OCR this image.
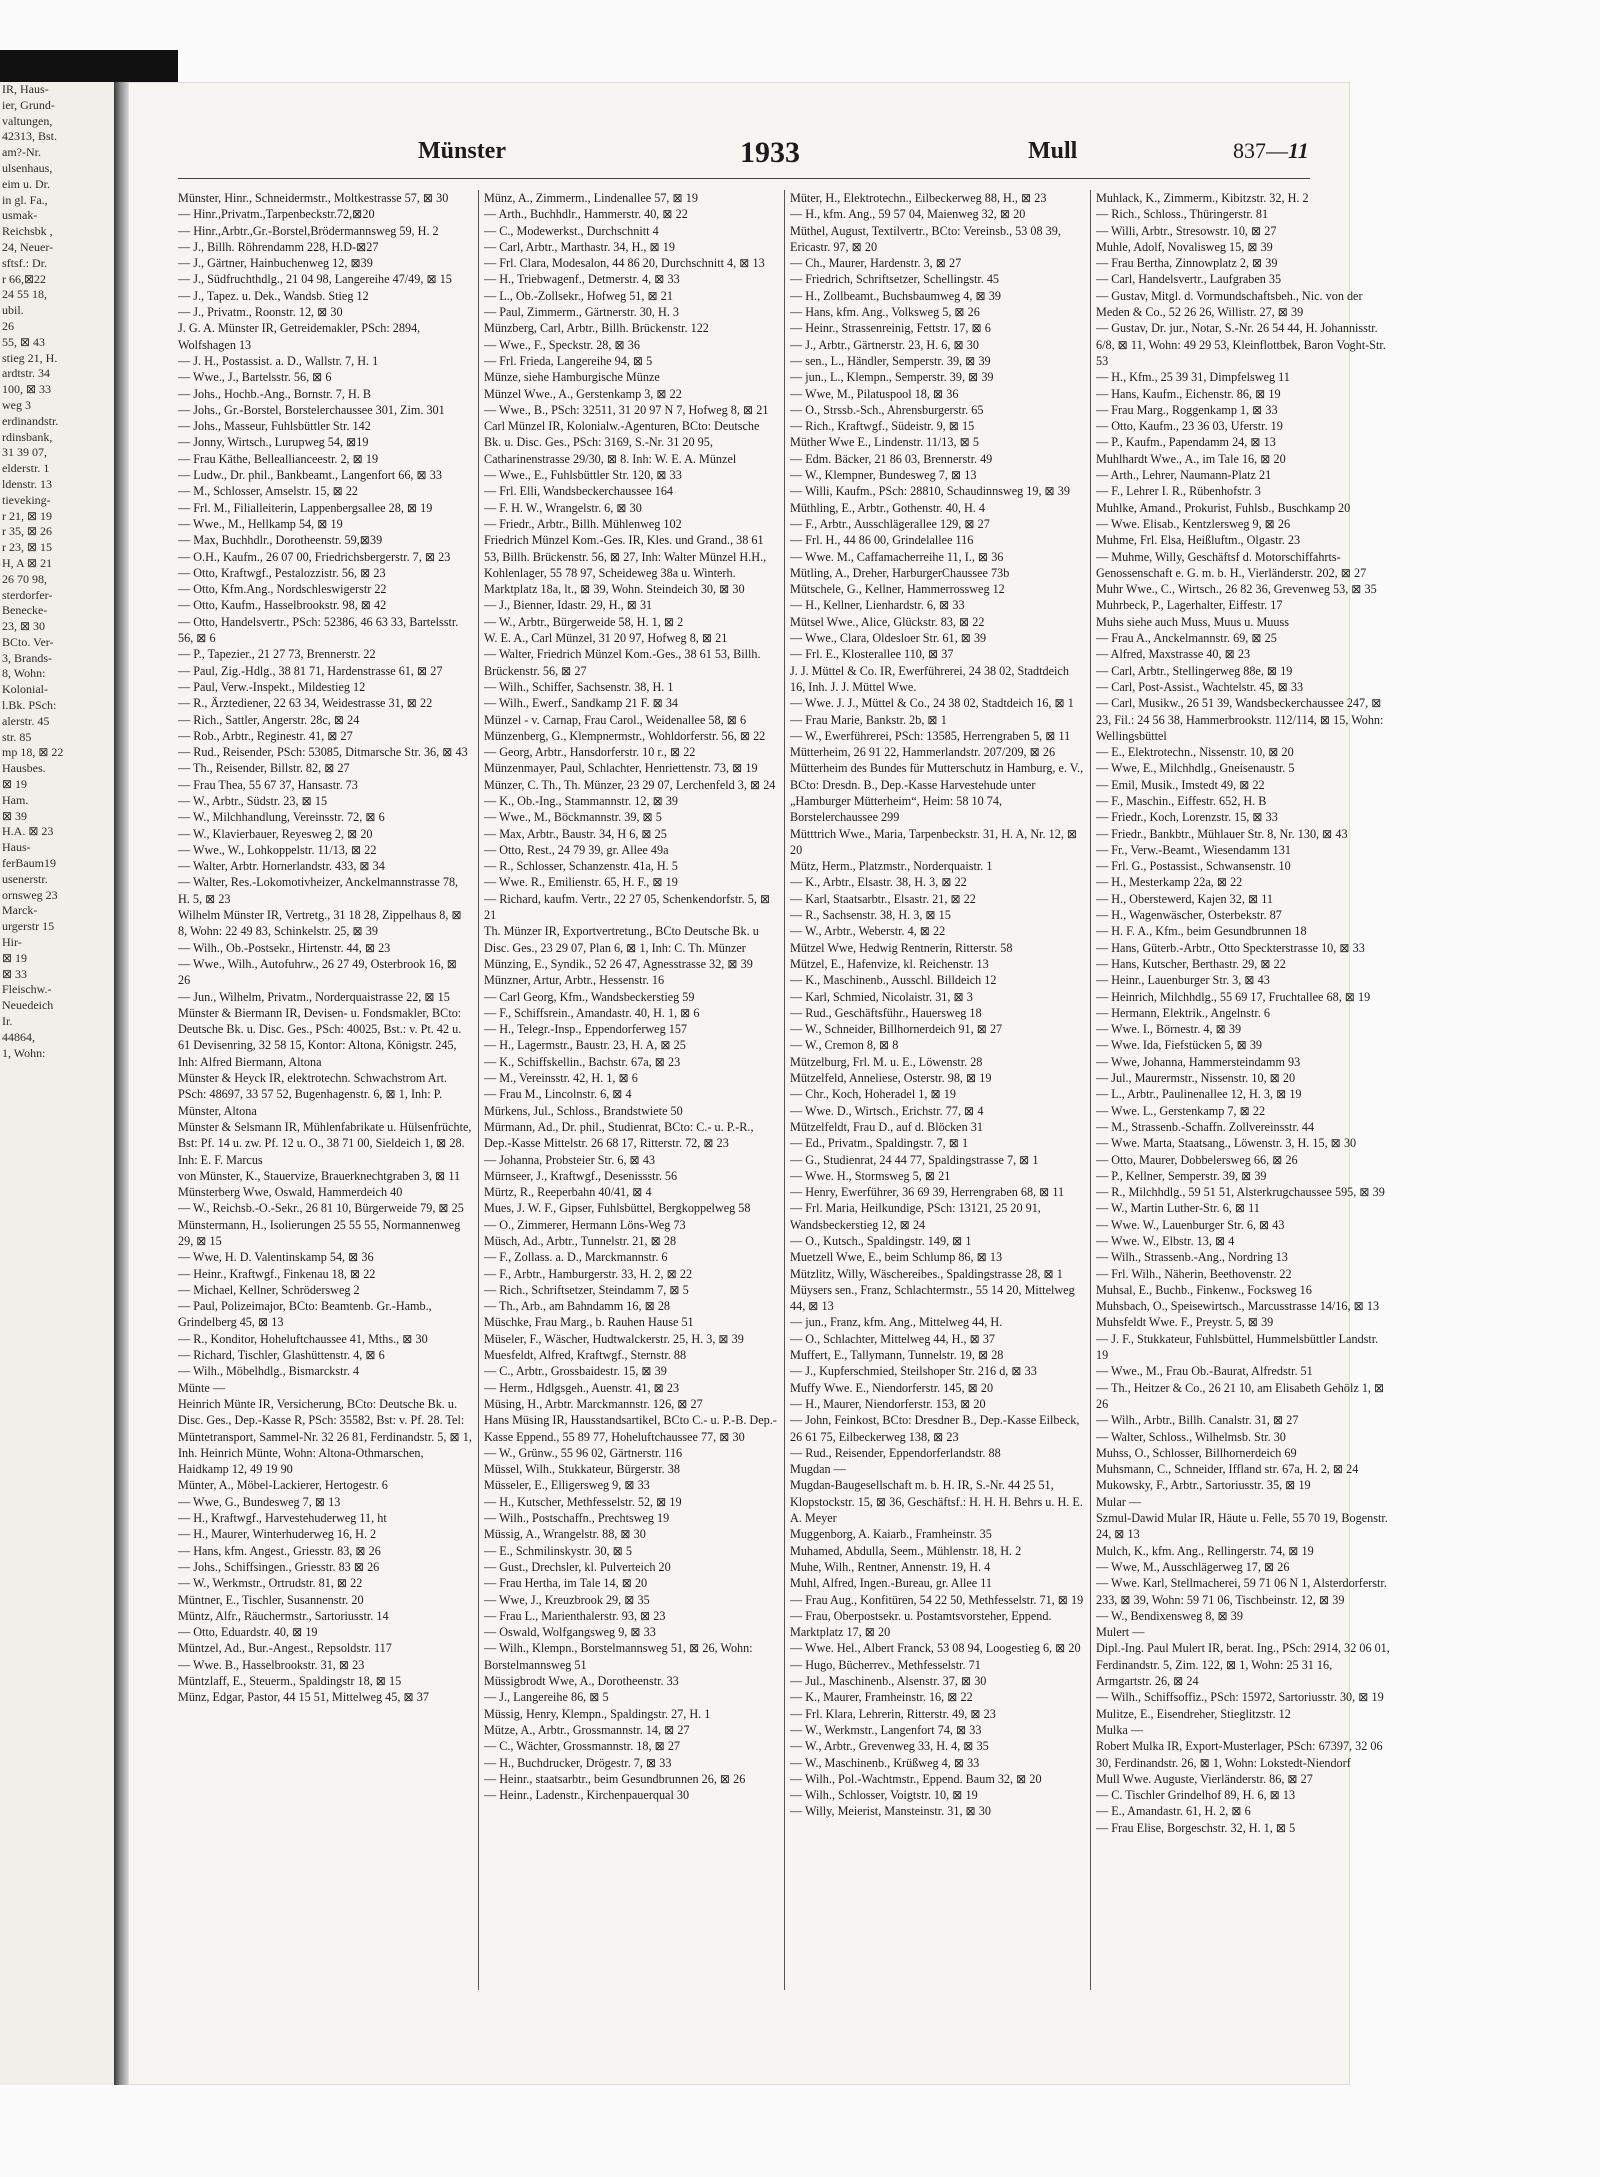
IR, Haus-
ier, Grund-
valtungen,
42313, Bst.
am?-Nr.
ulsenhaus,
eim u. Dr.
in gl. Fa.,
usmak-
Reichsbk ,
24, Neuer-
sftsf.: Dr.
r 66,⊠22
24 55 18,
ubil.
26
55, ⊠ 43
stieg 21, H.
ardtstr. 34
100, ⊠ 33
weg 3
erdinandstr.
rdinsbank,
31 39 07,
elderstr. 1
ldenstr. 13
tieveking-
r 21, ⊠ 19
r 35, ⊠ 26
r 23, ⊠ 15
H, A ⊠ 21
26 70 98,
sterdorfer-
Benecke-
23, ⊠ 30
BCto. Ver-
3, Brands-
8, Wohn:
Kolonial-
l.Bk. PSch:
alerstr. 45
str. 85
mp 18, ⊠ 22
Hausbes.
⊠ 19
Ham.
⊠ 39
H.A. ⊠ 23
Haus-
ferBaum19
usenerstr.
ornsweg 23
Marck-
urgerstr 15
Hir-
⊠ 19
⊠ 33
Fleischw.-
Neuedeich
Ir.
44864,
1, Wohn:
Münster	1933	Mull	837—11
Münster, Hinr., Schneidermstr., Moltkestrasse 57, ⊠ 30
— Hinr.,Privatm.,Tarpenbeckstr.72,⊠20
— Hinr.,Arbtr.,Gr.-Borstel,Brödermannsweg 59, H. 2
— J., Billh. Röhrendamm 228, H.D-⊠27
— J., Gärtner, Hainbuchenweg 12, ⊠39
— J., Südfruchthdlg., 21 04 98, Langereihe 47/49, ⊠ 15
— J., Tapez. u. Dek., Wandsb. Stieg 12
— J., Privatm., Roonstr. 12, ⊠ 30
J. G. A. Münster IR, Getreidemakler, PSch: 2894, Wolfshagen 13
— J. H., Postassist. a. D., Wallstr. 7, H. 1
— Wwe., J., Bartelsstr. 56, ⊠ 6
— Johs., Hochb.-Ang., Bornstr. 7, H. B
— Johs., Gr.-Borstel, Borstelerchaussee 301, Zim. 301
— Johs., Masseur, Fuhlsbüttler Str. 142
— Jonny, Wirtsch., Lurupweg 54, ⊠19
— Frau Käthe, Belleallianceestr. 2, ⊠ 19
— Ludw., Dr. phil., Bankbeamt., Langenfort 66, ⊠ 33
— M., Schlosser, Amselstr. 15, ⊠ 22
— Frl. M., Filialleiterin, Lappenbergsallee 28, ⊠ 19
— Wwe., M., Hellkamp 54, ⊠ 19
— Max, Buchhdlr., Dorotheenstr. 59,⊠39
— O.H., Kaufm., 26 07 00, Friedrichsbergerstr. 7, ⊠ 23
— Otto, Kraftwgf., Pestalozzistr. 56, ⊠ 23
— Otto, Kfm.Ang., Nordschleswigerstr 22
— Otto, Kaufm., Hasselbrookstr. 98, ⊠ 42
— Otto, Handelsvertr., PSch: 52386, 46 63 33, Bartelsstr. 56, ⊠ 6
— P., Tapezier., 21 27 73, Brennerstr. 22
— Paul, Zig.-Hdlg., 38 81 71, Hardenstrasse 61, ⊠ 27
— Paul, Verw.-Inspekt., Mildestieg 12
— R., Ärztediener, 22 63 34, Weidestrasse 31, ⊠ 22
— Rich., Sattler, Angerstr. 28c, ⊠ 24
— Rob., Arbtr., Reginestr. 41, ⊠ 27
— Rud., Reisender, PSch: 53085, Ditmarsche Str. 36, ⊠ 43
— Th., Reisender, Billstr. 82, ⊠ 27
— Frau Thea, 55 67 37, Hansastr. 73
— W., Arbtr., Südstr. 23, ⊠ 15
— W., Milchhandlung, Vereinsstr. 72, ⊠ 6
— W., Klavierbauer, Reyesweg 2, ⊠ 20
— Wwe., W., Lohkoppelstr. 11/13, ⊠ 22
— Walter, Arbtr. Hornerlandstr. 433, ⊠ 34
— Walter, Res.-Lokomotivheizer, Anckelmannstrasse 78, H. 5, ⊠ 23
Wilhelm Münster IR, Vertretg., 31 18 28, Zippelhaus 8, ⊠ 8, Wohn: 22 49 83, Schinkelstr. 25, ⊠ 39
— Wilh., Ob.-Postsekr., Hirtenstr. 44, ⊠ 23
— Wwe., Wilh., Autofuhrw., 26 27 49, Osterbrook 16, ⊠ 26
— Jun., Wilhelm, Privatm., Norderquaistrasse 22, ⊠ 15
Münster & Biermann IR, Devisen- u. Fondsmakler, BCto: Deutsche Bk. u. Disc. Ges., PSch: 40025, Bst.: v. Pt. 42 u. 61 Devisenring, 32 58 15, Kontor: Altona, Königstr. 245, Inh: Alfred Biermann, Altona
Münster & Heyck IR, elektrotechn. Schwachstrom Art. PSch: 48697, 33 57 52, Bugenhagenstr. 6, ⊠ 1, Inh: P. Münster, Altona
Münster & Selsmann IR, Mühlenfabrikate u. Hülsenfrüchte, Bst: Pf. 14 u. zw. Pf. 12 u. O., 38 71 00, Sieldeich 1, ⊠ 28. Inh: E. F. Marcus
von Münster, K., Stauervize, Brauerknechtgraben 3, ⊠ 11
Münsterberg Wwe, Oswald, Hammerdeich 40
— W., Reichsb.-O.-Sekr., 26 81 10, Bürgerweide 79, ⊠ 25
Münstermann, H., Isolierungen 25 55 55, Normannenweg 29, ⊠ 15
— Wwe, H. D. Valentinskamp 54, ⊠ 36
— Heinr., Kraftwgf., Finkenau 18, ⊠ 22
— Michael, Kellner, Schrödersweg 2
— Paul, Polizeimajor, BCto: Beamtenb. Gr.-Hamb., Grindelberg 45, ⊠ 13
— R., Konditor, Hoheluftchaussee 41, Mths., ⊠ 30
— Richard, Tischler, Glashüttenstr. 4, ⊠ 6
— Wilh., Möbelhdlg., Bismarckstr. 4
Münte —
Heinrich Münte IR, Versicherung, BCto: Deutsche Bk. u. Disc. Ges., Dep.-Kasse R, PSch: 35582, Bst: v. Pf. 28. Tel: Müntetransport, Sammel-Nr. 32 26 81, Ferdinandstr. 5, ⊠ 1, Inh. Heinrich Münte, Wohn: Altona-Othmarschen, Haidkamp 12, 49 19 90
Münter, A., Möbel-Lackierer, Hertogestr. 6
— Wwe, G., Bundesweg 7, ⊠ 13
— H., Kraftwgf., Harvestehuderweg 11, ht
— H., Maurer, Winterhuderweg 16, H. 2
— Hans, kfm. Angest., Griesstr. 83, ⊠ 26
— Johs., Schiffsingen., Griesstr. 83 ⊠ 26
— W., Werkmstr., Ortrudstr. 81, ⊠ 22
Müntner, E., Tischler, Susannenstr. 20
Müntz, Alfr., Räuchermstr., Sartoriusstr. 14
— Otto, Eduardstr. 40, ⊠ 19
Müntzel, Ad., Bur.-Angest., Repsoldstr. 117
— Wwe. B., Hasselbrookstr. 31, ⊠ 23
Müntzlaff, E., Steuerm., Spaldingstr 18, ⊠ 15
Münz, Edgar, Pastor, 44 15 51, Mittelweg 45, ⊠ 37
Münz, A., Zimmerm., Lindenallee 57, ⊠ 19
— Arth., Buchhdlr., Hammerstr. 40, ⊠ 22
— C., Modewerkst., Durchschnitt 4
— Carl, Arbtr., Marthastr. 34, H., ⊠ 19
— Frl. Clara, Modesalon, 44 86 20, Durchschnitt 4, ⊠ 13
— H., Triebwagenf., Detmerstr. 4, ⊠ 33
— L., Ob.-Zollsekr., Hofweg 51, ⊠ 21
— Paul, Zimmerm., Gärtnerstr. 30, H. 3
Münzberg, Carl, Arbtr., Billh. Brückenstr. 122
— Wwe., F., Speckstr. 28, ⊠ 36
— Frl. Frieda, Langereihe 94, ⊠ 5
Münze, siehe Hamburgische Münze
Münzel Wwe., A., Gerstenkamp 3, ⊠ 22
— Wwe., B., PSch: 32511, 31 20 97 N 7, Hofweg 8, ⊠ 21
Carl Münzel IR, Kolonialw.-Agenturen, BCto: Deutsche Bk. u. Disc. Ges., PSch: 3169, S.-Nr. 31 20 95, Catharinenstrasse 29/30, ⊠ 8. Inh: W. E. A. Münzel
— Wwe., E., Fuhlsbüttler Str. 120, ⊠ 33
— Frl. Elli, Wandsbeckerchaussee 164
— F. H. W., Wrangelstr. 6, ⊠ 30
— Friedr., Arbtr., Billh. Mühlenweg 102
Friedrich Münzel Kom.-Ges. IR, Kles. und Grand., 38 61 53, Billh. Brückenstr. 56, ⊠ 27, Inh: Walter Münzel H.H., Kohlenlager, 55 78 97, Scheideweg 38a u. Winterh. Marktplatz 18a, lt., ⊠ 39, Wohn. Steindeich 30, ⊠ 30
— J., Bienner, Idastr. 29, H., ⊠ 31
— W., Arbtr., Bürgerweide 58, H. 1, ⊠ 2
W. E. A., Carl Münzel, 31 20 97, Hofweg 8, ⊠ 21
— Walter, Friedrich Münzel Kom.-Ges., 38 61 53, Billh. Brückenstr. 56, ⊠ 27
— Wilh., Schiffer, Sachsenstr. 38, H. 1
— Wilh., Ewerf., Sandkamp 21 F. ⊠ 34
Münzel - v. Carnap, Frau Carol., Weidenallee 58, ⊠ 6
Münzenberg, G., Klempnermstr., Wohldorferstr. 56, ⊠ 22
— Georg, Arbtr., Hansdorferstr. 10 r., ⊠ 22
Münzenmayer, Paul, Schlachter, Henriettenstr. 73, ⊠ 19
Münzer, C. Th., Th. Münzer, 23 29 07, Lerchenfeld 3, ⊠ 24
— K., Ob.-Ing., Stammannstr. 12, ⊠ 39
— Wwe., M., Böckmannstr. 39, ⊠ 5
— Max, Arbtr., Baustr. 34, H 6, ⊠ 25
— Otto, Rest., 24 79 39, gr. Allee 49a
— R., Schlosser, Schanzenstr. 41a, H. 5
— Wwe. R., Emilienstr. 65, H. F., ⊠ 19
— Richard, kaufm. Vertr., 22 27 05, Schenkendorfstr. 5, ⊠ 21
Th. Münzer IR, Exportvertretung., BCto Deutsche Bk. u Disc. Ges., 23 29 07, Plan 6, ⊠ 1, Inh: C. Th. Münzer
Münzing, E., Syndik., 52 26 47, Agnesstrasse 32, ⊠ 39
Münzner, Artur, Arbtr., Hessenstr. 16
— Carl Georg, Kfm., Wandsbeckerstieg 59
— F., Schiffsrein., Amandastr. 40, H. 1, ⊠ 6
— H., Telegr.-Insp., Eppendorferweg 157
— H., Lagermstr., Baustr. 23, H. A, ⊠ 25
— K., Schiffskellin., Bachstr. 67a, ⊠ 23
— M., Vereinsstr. 42, H. 1, ⊠ 6
— Frau M., Lincolnstr. 6, ⊠ 4
Mürkens, Jul., Schloss., Brandstwiete 50
Mürmann, Ad., Dr. phil., Studienrat, BCto: C.- u. P.-R., Dep.-Kasse Mittelstr. 26 68 17, Ritterstr. 72, ⊠ 23
— Johanna, Probsteier Str. 6, ⊠ 43
Mürnseer, J., Kraftwgf., Desenissstr. 56
Mürtz, R., Reeperbahn 40/41, ⊠ 4
Mues, J. W. F., Gipser, Fuhlsbüttel, Bergkoppelweg 58
— O., Zimmerer, Hermann Löns-Weg 73
Müsch, Ad., Arbtr., Tunnelstr. 21, ⊠ 28
— F., Zollass. a. D., Marckmannstr. 6
— F., Arbtr., Hamburgerstr. 33, H. 2, ⊠ 22
— Rich., Schriftsetzer, Steindamm 7, ⊠ 5
— Th., Arb., am Bahndamm 16, ⊠ 28
Müschke, Frau Marg., b. Rauhen Hause 51
Müseler, F., Wäscher, Hudtwalckerstr. 25, H. 3, ⊠ 39
Muesfeldt, Alfred, Kraftwgf., Sternstr. 88
— C., Arbtr., Grossbaidestr. 15, ⊠ 39
— Herm., Hdlgsgeh., Auenstr. 41, ⊠ 23
Müsing, H., Arbtr. Marckmannstr. 126, ⊠ 27
Hans Müsing IR, Hausstandsartikel, BCto C.- u. P.-B. Dep.-Kasse Eppend., 55 89 77, Hoheluftchaussee 77, ⊠ 30
— W., Grünw., 55 96 02, Gärtnerstr. 116
Müssel, Wilh., Stukkateur, Bürgerstr. 38
Müsseler, E., Elligersweg 9, ⊠ 33
— H., Kutscher, Methfesselstr. 52, ⊠ 19
— Wilh., Postschaffn., Prechtsweg 19
Müssig, A., Wrangelstr. 88, ⊠ 30
— E., Schmilinskystr. 30, ⊠ 5
— Gust., Drechsler, kl. Pulverteich 20
— Frau Hertha, im Tale 14, ⊠ 20
— Wwe, J., Kreuzbrook 29, ⊠ 35
— Frau L., Marienthalerstr. 93, ⊠ 23
— Oswald, Wolfgangsweg 9, ⊠ 33
— Wilh., Klempn., Borstelmannsweg 51, ⊠ 26, Wohn: Borstelmannsweg 51
Müssigbrodt Wwe, A., Dorotheenstr. 33
— J., Langereihe 86, ⊠ 5
Müssig, Henry, Klempn., Spaldingstr. 27, H. 1
Mütze, A., Arbtr., Grossmannstr. 14, ⊠ 27
— C., Wächter, Grossmannstr. 18, ⊠ 27
— H., Buchdrucker, Drögestr. 7, ⊠ 33
— Heinr., staatsarbtr., beim Gesundbrunnen 26, ⊠ 26
— Heinr., Ladenstr., Kirchenpauerqual 30
Müter, H., Elektrotechn., Eilbeckerweg 88, H., ⊠ 23
— H., kfm. Ang., 59 57 04, Maienweg 32, ⊠ 20
Müthel, August, Textilvertr., BCto: Vereinsb., 53 08 39, Ericastr. 97, ⊠ 20
— Ch., Maurer, Hardenstr. 3, ⊠ 27
— Friedrich, Schriftsetzer, Schellingstr. 45
— H., Zollbeamt., Buchsbaumweg 4, ⊠ 39
— Hans, kfm. Ang., Volksweg 5, ⊠ 26
— Heinr., Strassenreinig, Fettstr. 17, ⊠ 6
— J., Arbtr., Gärtnerstr. 23, H. 6, ⊠ 30
— sen., L., Händler, Semperstr. 39, ⊠ 39
— jun., L., Klempn., Semperstr. 39, ⊠ 39
— Wwe, M., Pilatuspool 18, ⊠ 36
— O., Strssb.-Sch., Ahrensburgerstr. 65
— Rich., Kraftwgf., Südeistr. 9, ⊠ 15
Müther Wwe E., Lindenstr. 11/13, ⊠ 5
— Edm. Bäcker, 21 86 03, Brennerstr. 49
— W., Klempner, Bundesweg 7, ⊠ 13
— Willi, Kaufm., PSch: 28810, Schaudinnsweg 19, ⊠ 39
Müthling, E., Arbtr., Gothenstr. 40, H. 4
— F., Arbtr., Ausschlägerallee 129, ⊠ 27
— Frl. H., 44 86 00, Grindelallee 116
— Wwe. M., Caffamacherreihe 11, I., ⊠ 36
Mütling, A., Dreher, HarburgerChaussee 73b
Mütschele, G., Kellner, Hammerrossweg 12
— H., Kellner, Lienhardstr. 6, ⊠ 33
Mütsel Wwe., Alice, Glückstr. 83, ⊠ 22
— Wwe., Clara, Oldesloer Str. 61, ⊠ 39
— Frl. E., Klosterallee 110, ⊠ 37
J. J. Müttel & Co. IR, Ewerführerei, 24 38 02, Stadtdeich 16, Inh. J. J. Müttel Wwe.
— Wwe. J. J., Müttel & Co., 24 38 02, Stadtdeich 16, ⊠ 1
— Frau Marie, Bankstr. 2b, ⊠ 1
— W., Ewerführerei, PSch: 13585, Herrengraben 5, ⊠ 11
Mütterheim, 26 91 22, Hammerlandstr. 207/209, ⊠ 26
Mütterheim des Bundes für Mutterschutz in Hamburg, e. V., BCto: Dresdn. B., Dep.-Kasse Harvestehude unter „Hamburger Mütterheim“, Heim: 58 10 74, Borstelerchaussee 299
Mütttrich Wwe., Maria, Tarpenbeckstr. 31, H. A, Nr. 12, ⊠ 20
Mütz, Herm., Platzmstr., Norderquaistr. 1
— K., Arbtr., Elsastr. 38, H. 3, ⊠ 22
— Karl, Staatsarbtr., Elsastr. 21, ⊠ 22
— R., Sachsenstr. 38, H. 3, ⊠ 15
— W., Arbtr., Weberstr. 4, ⊠ 22
Mützel Wwe, Hedwig Rentnerin, Ritterstr. 58
Mützel, E., Hafenvize, kl. Reichenstr. 13
— K., Maschinenb., Ausschl. Billdeich 12
— Karl, Schmied, Nicolaistr. 31, ⊠ 3
— Rud., Geschäftsführ., Hauersweg 18
— W., Schneider, Billhornerdeich 91, ⊠ 27
— W., Cremon 8, ⊠ 8
Mützelburg, Frl. M. u. E., Löwenstr. 28
Mützelfeld, Anneliese, Osterstr. 98, ⊠ 19
— Chr., Koch, Hoheradel 1, ⊠ 19
— Wwe. D., Wirtsch., Erichstr. 77, ⊠ 4
Mützelfeldt, Frau D., auf d. Blöcken 31
— Ed., Privatm., Spaldingstr. 7, ⊠ 1
— G., Studienrat, 24 44 77, Spaldingstrasse 7, ⊠ 1
— Wwe. H., Stormsweg 5, ⊠ 21
— Henry, Ewerführer, 36 69 39, Herrengraben 68, ⊠ 11
— Frl. Maria, Heilkundige, PSch: 13121, 25 20 91, Wandsbeckerstieg 12, ⊠ 24
— O., Kutsch., Spaldingstr. 149, ⊠ 1
Muetzell Wwe, E., beim Schlump 86, ⊠ 13
Mützlitz, Willy, Wäschereibes., Spaldingstrasse 28, ⊠ 1
Müysers sen., Franz, Schlachtermstr., 55 14 20, Mittelweg 44, ⊠ 13
— jun., Franz, kfm. Ang., Mittelweg 44, H.
— O., Schlachter, Mittelweg 44, H., ⊠ 37
Muffert, E., Tallymann, Tunnelstr. 19, ⊠ 28
— J., Kupferschmied, Steilshoper Str. 216 d, ⊠ 33
Muffy Wwe. E., Niendorferstr. 145, ⊠ 20
— H., Maurer, Niendorferstr. 153, ⊠ 20
— John, Feinkost, BCto: Dresdner B., Dep.-Kasse Eilbeck, 26 61 75, Eilbeckerweg 138, ⊠ 23
— Rud., Reisender, Eppendorferlandstr. 88
Mugdan —
Mugdan-Baugesellschaft m. b. H. IR, S.-Nr. 44 25 51, Klopstockstr. 15, ⊠ 36, Geschäftsf.: H. H. H. Behrs u. H. E. A. Meyer
Muggenborg, A. Kaiarb., Framheinstr. 35
Muhamed, Abdulla, Seem., Mühlenstr. 18, H. 2
Muhe, Wilh., Rentner, Annenstr. 19, H. 4
Muhl, Alfred, Ingen.-Bureau, gr. Allee 11
— Frau Aug., Konfitüren, 54 22 50, Methfesselstr. 71, ⊠ 19
— Frau, Oberpostsekr. u. Postamtsvorsteher, Eppend. Marktplatz 17, ⊠ 20
— Wwe. Hel., Albert Franck, 53 08 94, Loogestieg 6, ⊠ 20
— Hugo, Bücherrev., Methfesselstr. 71
— Jul., Maschinenb., Alsenstr. 37, ⊠ 30
— K., Maurer, Framheinstr. 16, ⊠ 22
— Frl. Klara, Lehrerin, Ritterstr. 49, ⊠ 23
— W., Werkmstr., Langenfort 74, ⊠ 33
— W., Arbtr., Grevenweg 33, H. 4, ⊠ 35
— W., Maschinenb., Krüßweg 4, ⊠ 33
— Wilh., Pol.-Wachtmstr., Eppend. Baum 32, ⊠ 20
— Wilh., Schlosser, Voigtstr. 10, ⊠ 19
— Willy, Meierist, Mansteinstr. 31, ⊠ 30
Muhlack, K., Zimmerm., Kibitzstr. 32, H. 2
— Rich., Schloss., Thüringerstr. 81
— Willi, Arbtr., Stresowstr. 10, ⊠ 27
Muhle, Adolf, Novalisweg 15, ⊠ 39
— Frau Bertha, Zinnowplatz 2, ⊠ 39
— Carl, Handelsvertr., Laufgraben 35
— Gustav, Mitgl. d. Vormundschaftsbeh., Nic. von der Meden & Co., 52 26 26, Willistr. 27, ⊠ 39
— Gustav, Dr. jur., Notar, S.-Nr. 26 54 44, H. Johannisstr. 6/8, ⊠ 11, Wohn: 49 29 53, Kleinflottbek, Baron Voght-Str. 53
— H., Kfm., 25 39 31, Dimpfelsweg 11
— Hans, Kaufm., Eichenstr. 86, ⊠ 19
— Frau Marg., Roggenkamp 1, ⊠ 33
— Otto, Kaufm., 23 36 03, Uferstr. 19
— P., Kaufm., Papendamm 24, ⊠ 13
Muhlhardt Wwe., A., im Tale 16, ⊠ 20
— Arth., Lehrer, Naumann-Platz 21
— F., Lehrer I. R., Rübenhofstr. 3
Muhlke, Amand., Prokurist, Fuhlsb., Buschkamp 20
— Wwe. Elisab., Kentzlersweg 9, ⊠ 26
Muhme, Frl. Elsa, Heißluftm., Olgastr. 23
— Muhme, Willy, Geschäftsf d. Motorschiffahrts-Genossenschaft e. G. m. b. H., Vierländerstr. 202, ⊠ 27
Muhr Wwe., C., Wirtsch., 26 82 36, Grevenweg 53, ⊠ 35
Muhrbeck, P., Lagerhalter, Eiffestr. 17
Muhs siehe auch Muss, Muus u. Muuss
— Frau A., Anckelmannstr. 69, ⊠ 25
— Alfred, Maxstrasse 40, ⊠ 23
— Carl, Arbtr., Stellingerweg 88e, ⊠ 19
— Carl, Post-Assist., Wachtelstr. 45, ⊠ 33
— Carl, Musikw., 26 51 39, Wandsbeckerchaussee 247, ⊠ 23, Fil.: 24 56 38, Hammerbrookstr. 112/114, ⊠ 15, Wohn: Wellingsbüttel
— E., Elektrotechn., Nissenstr. 10, ⊠ 20
— Wwe, E., Milchhdlg., Gneisenaustr. 5
— Emil, Musik., Imstedt 49, ⊠ 22
— F., Maschin., Eiffestr. 652, H. B
— Friedr., Koch, Lorenzstr. 15, ⊠ 33
— Friedr., Bankbtr., Mühlauer Str. 8, Nr. 130, ⊠ 43
— Fr., Verw.-Beamt., Wiesendamm 131
— Frl. G., Postassist., Schwansenstr. 10
— H., Mesterkamp 22a, ⊠ 22
— H., Oberstewerd, Kajen 32, ⊠ 11
— H., Wagenwäscher, Osterbekstr. 87
— H. F. A., Kfm., beim Gesundbrunnen 18
— Hans, Güterb.-Arbtr., Otto Speckterstrasse 10, ⊠ 33
— Hans, Kutscher, Berthastr. 29, ⊠ 22
— Heinr., Lauenburger Str. 3, ⊠ 43
— Heinrich, Milchhdlg., 55 69 17, Fruchtallee 68, ⊠ 19
— Hermann, Elektrik., Angelnstr. 6
— Wwe. I., Börnestr. 4, ⊠ 39
— Wwe. Ida, Fiefstücken 5, ⊠ 39
— Wwe, Johanna, Hammersteindamm 93
— Jul., Maurermstr., Nissenstr. 10, ⊠ 20
— L., Arbtr., Paulinenallee 12, H. 3, ⊠ 19
— Wwe. L., Gerstenkamp 7, ⊠ 22
— M., Strassenb.-Schaffn. Zollvereinsstr. 44
— Wwe. Marta, Staatsang., Löwenstr. 3, H. 15, ⊠ 30
— Otto, Maurer, Dobbelersweg 66, ⊠ 26
— P., Kellner, Semperstr. 39, ⊠ 39
— R., Milchhdlg., 59 51 51, Alsterkrugchaussee 595, ⊠ 39
— W., Martin Luther-Str. 6, ⊠ 11
— Wwe. W., Lauenburger Str. 6, ⊠ 43
— Wwe. W., Elbstr. 13, ⊠ 4
— Wilh., Strassenb.-Ang., Nordring 13
— Frl. Wilh., Näherin, Beethovenstr. 22
Muhsal, E., Buchb., Finkenw., Focksweg 16
Muhsbach, O., Speisewirtsch., Marcusstrasse 14/16, ⊠ 13
Muhsfeldt Wwe. F., Preystr. 5, ⊠ 39
— J. F., Stukkateur, Fuhlsbüttel, Hummelsbüttler Landstr. 19
— Wwe., M., Frau Ob.-Baurat, Alfredstr. 51
— Th., Heitzer & Co., 26 21 10, am Elisabeth Gehölz 1, ⊠ 26
— Wilh., Arbtr., Billh. Canalstr. 31, ⊠ 27
— Walter, Schloss., Wilhelmsb. Str. 30
Muhss, O., Schlosser, Billhornerdeich 69
Muhsmann, C., Schneider, Iffland str. 67a, H. 2, ⊠ 24
Mukowsky, F., Arbtr., Sartoriusstr. 35, ⊠ 19
Mular —
Szmul-Dawid Mular IR, Häute u. Felle, 55 70 19, Bogenstr. 24, ⊠ 13
Mulch, K., kfm. Ang., Rellingerstr. 74, ⊠ 19
— Wwe, M., Ausschlägerweg 17, ⊠ 26
— Wwe. Karl, Stellmacherei, 59 71 06 N 1, Alsterdorferstr. 233, ⊠ 39, Wohn: 59 71 06, Tischbeinstr. 12, ⊠ 39
— W., Bendixensweg 8, ⊠ 39
Mulert —
Dipl.-Ing. Paul Mulert IR, berat. Ing., PSch: 2914, 32 06 01, Ferdinandstr. 5, Zim. 122, ⊠ 1, Wohn: 25 31 16, Armgartstr. 26, ⊠ 24
— Wilh., Schiffsoffiz., PSch: 15972, Sartoriusstr. 30, ⊠ 19
Mulitze, E., Eisendreher, Stieglitzstr. 12
Mulka —
Robert Mulka IR, Export-Musterlager, PSch: 67397, 32 06 30, Ferdinandstr. 26, ⊠ 1, Wohn: Lokstedt-Niendorf
Mull Wwe. Auguste, Vierländerstr. 86, ⊠ 27
— C. Tischler Grindelhof 89, H. 6, ⊠ 13
— E., Amandastr. 61, H. 2, ⊠ 6
— Frau Elise, Borgeschstr. 32, H. 1, ⊠ 5
